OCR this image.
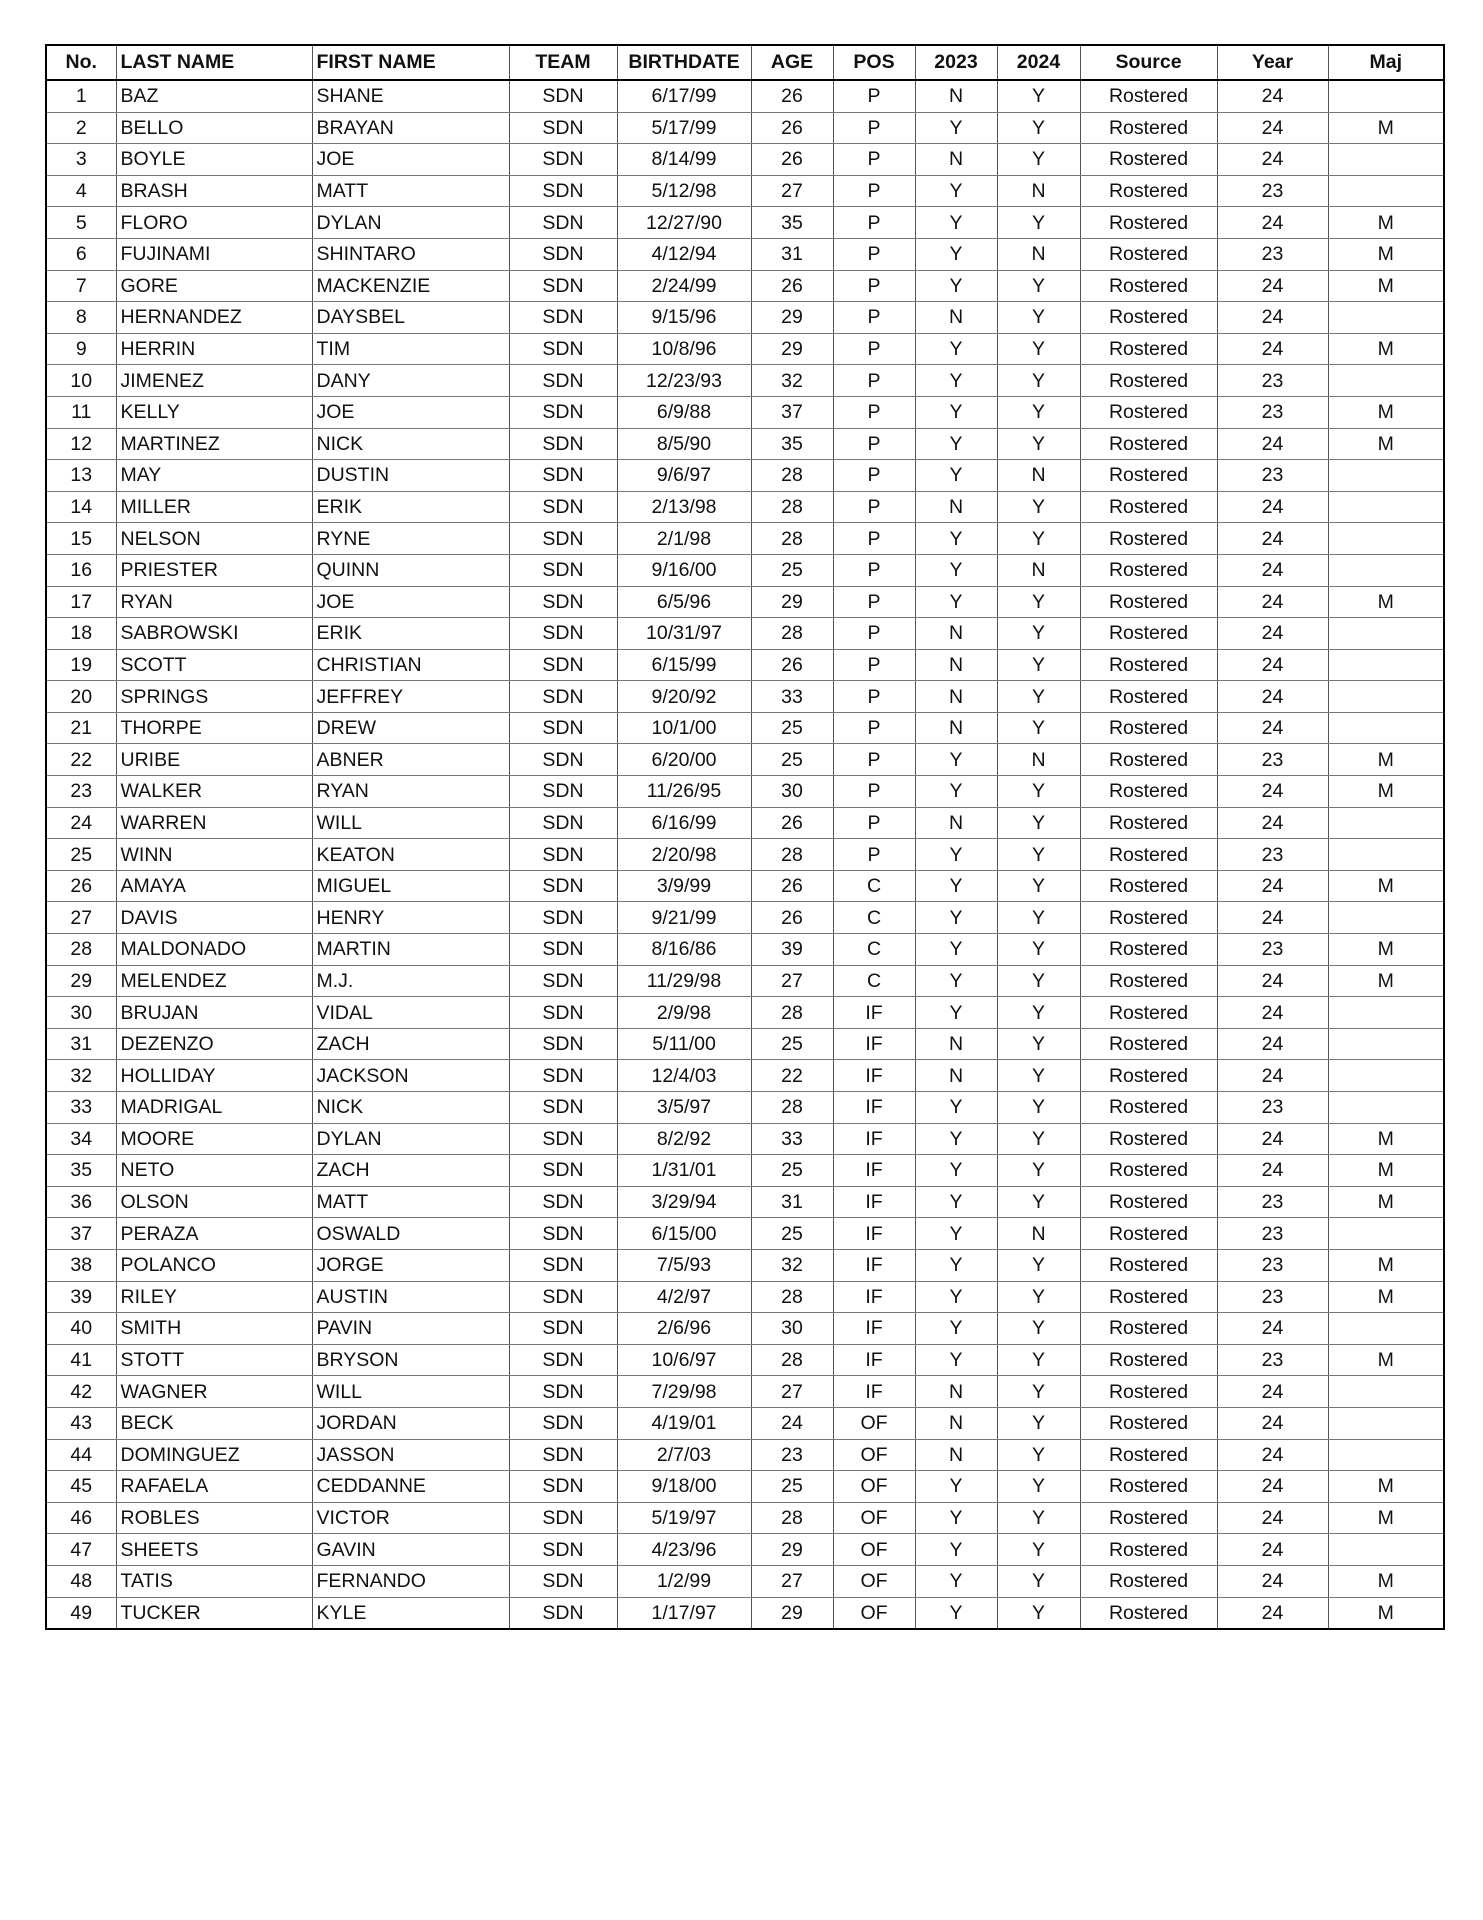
No.	LAST NAME	FIRST NAME	TEAM	BIRTHDATE	AGE	POS	2023	2024	Source	Year	Maj
1	BAZ	SHANE	SDN	6/17/99	26	P	N	Y	Rostered	24	
2	BELLO	BRAYAN	SDN	5/17/99	26	P	Y	Y	Rostered	24	M
3	BOYLE	JOE	SDN	8/14/99	26	P	N	Y	Rostered	24	
4	BRASH	MATT	SDN	5/12/98	27	P	Y	N	Rostered	23	
5	FLORO	DYLAN	SDN	12/27/90	35	P	Y	Y	Rostered	24	M
6	FUJINAMI	SHINTARO	SDN	4/12/94	31	P	Y	N	Rostered	23	M
7	GORE	MACKENZIE	SDN	2/24/99	26	P	Y	Y	Rostered	24	M
8	HERNANDEZ	DAYSBEL	SDN	9/15/96	29	P	N	Y	Rostered	24	
9	HERRIN	TIM	SDN	10/8/96	29	P	Y	Y	Rostered	24	M
10	JIMENEZ	DANY	SDN	12/23/93	32	P	Y	Y	Rostered	23	
11	KELLY	JOE	SDN	6/9/88	37	P	Y	Y	Rostered	23	M
12	MARTINEZ	NICK	SDN	8/5/90	35	P	Y	Y	Rostered	24	M
13	MAY	DUSTIN	SDN	9/6/97	28	P	Y	N	Rostered	23	
14	MILLER	ERIK	SDN	2/13/98	28	P	N	Y	Rostered	24	
15	NELSON	RYNE	SDN	2/1/98	28	P	Y	Y	Rostered	24	
16	PRIESTER	QUINN	SDN	9/16/00	25	P	Y	N	Rostered	24	
17	RYAN	JOE	SDN	6/5/96	29	P	Y	Y	Rostered	24	M
18	SABROWSKI	ERIK	SDN	10/31/97	28	P	N	Y	Rostered	24	
19	SCOTT	CHRISTIAN	SDN	6/15/99	26	P	N	Y	Rostered	24	
20	SPRINGS	JEFFREY	SDN	9/20/92	33	P	N	Y	Rostered	24	
21	THORPE	DREW	SDN	10/1/00	25	P	N	Y	Rostered	24	
22	URIBE	ABNER	SDN	6/20/00	25	P	Y	N	Rostered	23	M
23	WALKER	RYAN	SDN	11/26/95	30	P	Y	Y	Rostered	24	M
24	WARREN	WILL	SDN	6/16/99	26	P	N	Y	Rostered	24	
25	WINN	KEATON	SDN	2/20/98	28	P	Y	Y	Rostered	23	
26	AMAYA	MIGUEL	SDN	3/9/99	26	C	Y	Y	Rostered	24	M
27	DAVIS	HENRY	SDN	9/21/99	26	C	Y	Y	Rostered	24	
28	MALDONADO	MARTIN	SDN	8/16/86	39	C	Y	Y	Rostered	23	M
29	MELENDEZ	M.J.	SDN	11/29/98	27	C	Y	Y	Rostered	24	M
30	BRUJAN	VIDAL	SDN	2/9/98	28	IF	Y	Y	Rostered	24	
31	DEZENZO	ZACH	SDN	5/11/00	25	IF	N	Y	Rostered	24	
32	HOLLIDAY	JACKSON	SDN	12/4/03	22	IF	N	Y	Rostered	24	
33	MADRIGAL	NICK	SDN	3/5/97	28	IF	Y	Y	Rostered	23	
34	MOORE	DYLAN	SDN	8/2/92	33	IF	Y	Y	Rostered	24	M
35	NETO	ZACH	SDN	1/31/01	25	IF	Y	Y	Rostered	24	M
36	OLSON	MATT	SDN	3/29/94	31	IF	Y	Y	Rostered	23	M
37	PERAZA	OSWALD	SDN	6/15/00	25	IF	Y	N	Rostered	23	
38	POLANCO	JORGE	SDN	7/5/93	32	IF	Y	Y	Rostered	23	M
39	RILEY	AUSTIN	SDN	4/2/97	28	IF	Y	Y	Rostered	23	M
40	SMITH	PAVIN	SDN	2/6/96	30	IF	Y	Y	Rostered	24	
41	STOTT	BRYSON	SDN	10/6/97	28	IF	Y	Y	Rostered	23	M
42	WAGNER	WILL	SDN	7/29/98	27	IF	N	Y	Rostered	24	
43	BECK	JORDAN	SDN	4/19/01	24	OF	N	Y	Rostered	24	
44	DOMINGUEZ	JASSON	SDN	2/7/03	23	OF	N	Y	Rostered	24	
45	RAFAELA	CEDDANNE	SDN	9/18/00	25	OF	Y	Y	Rostered	24	M
46	ROBLES	VICTOR	SDN	5/19/97	28	OF	Y	Y	Rostered	24	M
47	SHEETS	GAVIN	SDN	4/23/96	29	OF	Y	Y	Rostered	24	
48	TATIS	FERNANDO	SDN	1/2/99	27	OF	Y	Y	Rostered	24	M
49	TUCKER	KYLE	SDN	1/17/97	29	OF	Y	Y	Rostered	24	M
